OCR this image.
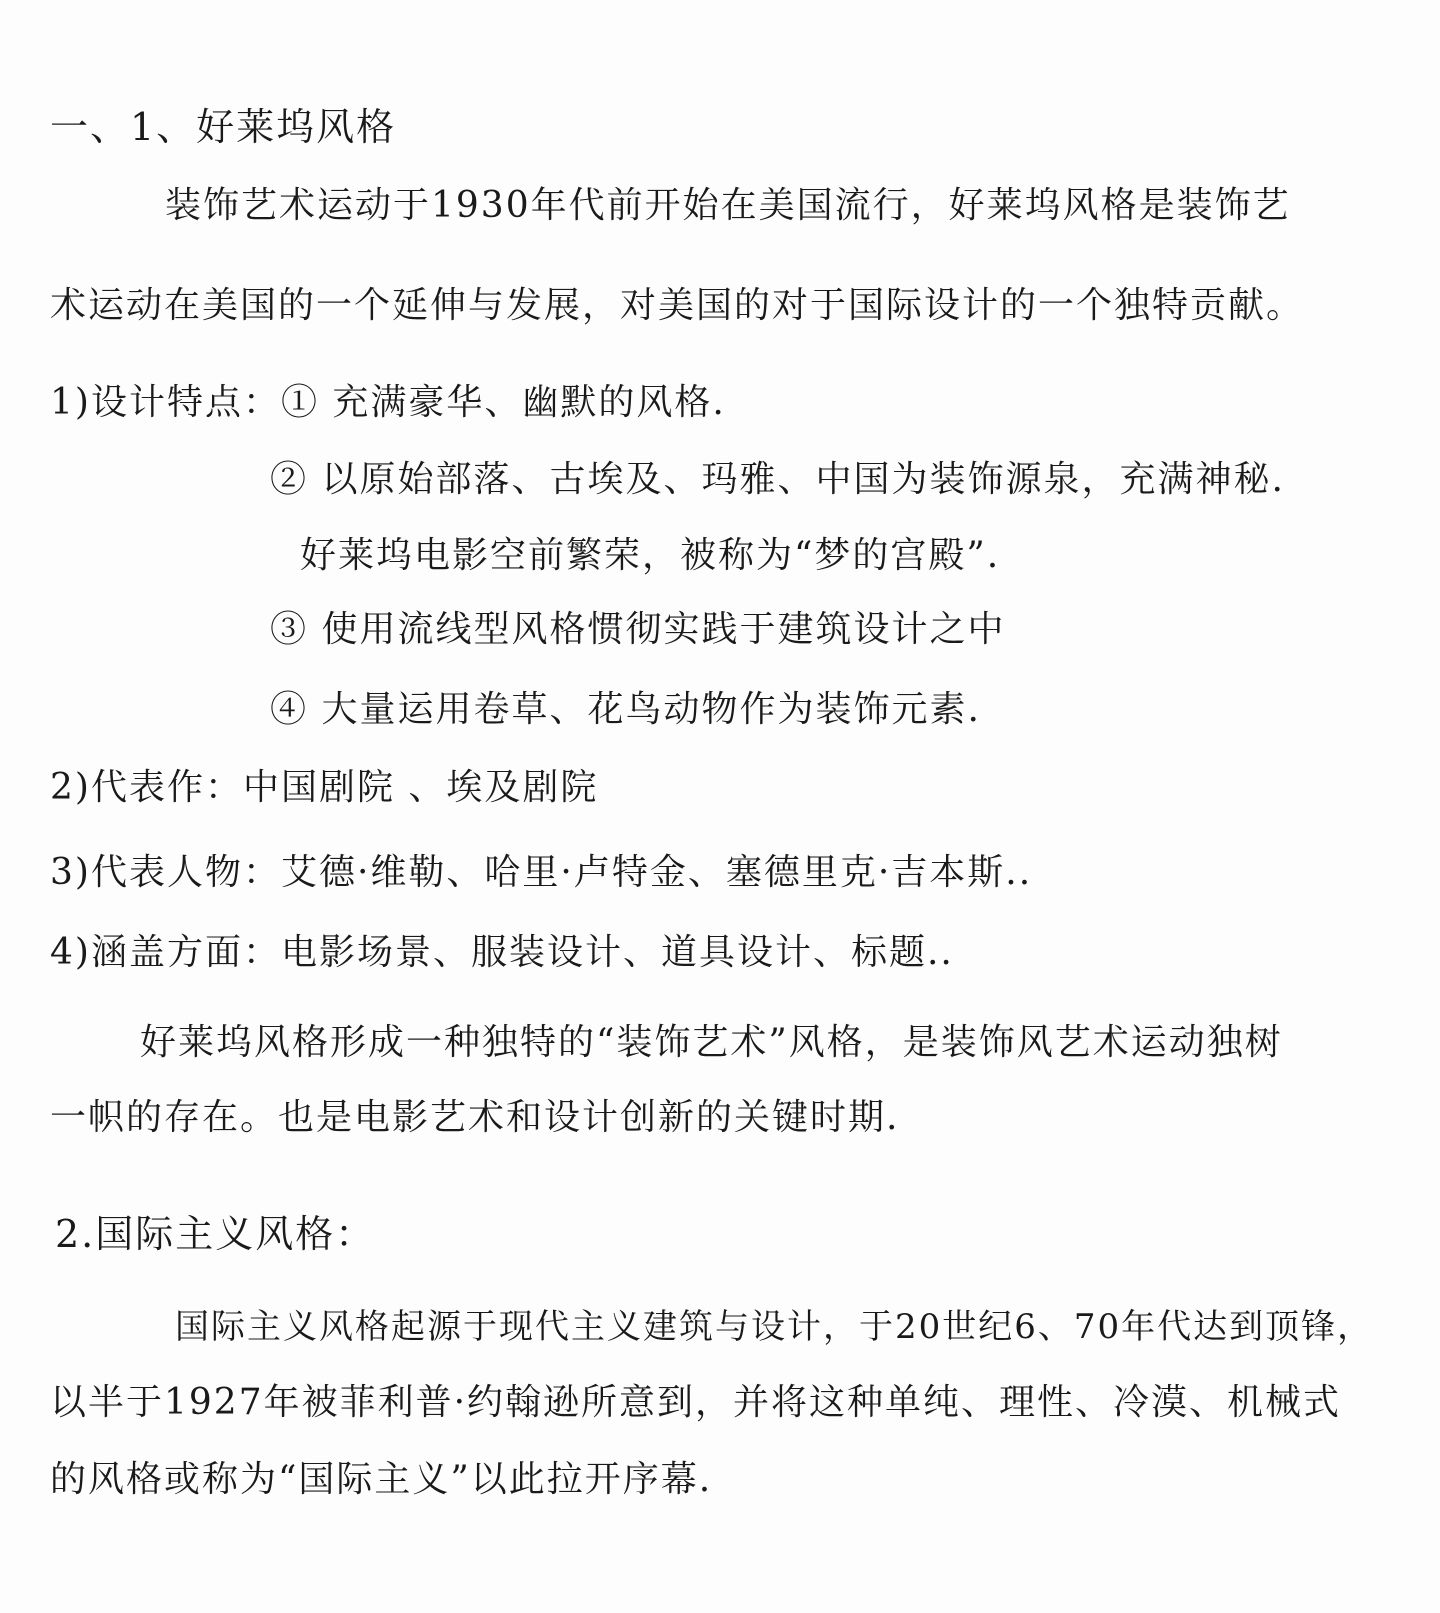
一、1、好莱坞风格
装饰艺术运动于1930年代前开始在美国流行，好莱坞风格是装饰艺
术运动在美国的一个延伸与发展，对美国的对于国际设计的一个独特贡献。
1)设计特点：① 充满豪华、幽默的风格.
② 以原始部落、古埃及、玛雅、中国为装饰源泉，充满神秘.
好莱坞电影空前繁荣，被称为“梦的宫殿”.
③ 使用流线型风格惯彻实践于建筑设计之中
④ 大量运用卷草、花鸟动物作为装饰元素.
2)代表作：中国剧院 、埃及剧院
3)代表人物：艾德·维勒、哈里·卢特金、塞德里克·吉本斯..
4)涵盖方面：电影场景、服装设计、道具设计、标题..
好莱坞风格形成一种独特的“装饰艺术”风格，是装饰风艺术运动独树
一帜的存在。也是电影艺术和设计创新的关键时期.
2.国际主义风格：
国际主义风格起源于现代主义建筑与设计，于20世纪6、70年代达到顶锋，
以半于1927年被菲利普·约翰逊所意到，并将这种单纯、理性、冷漠、机械式
的风格或称为“国际主义”以此拉开序幕.
